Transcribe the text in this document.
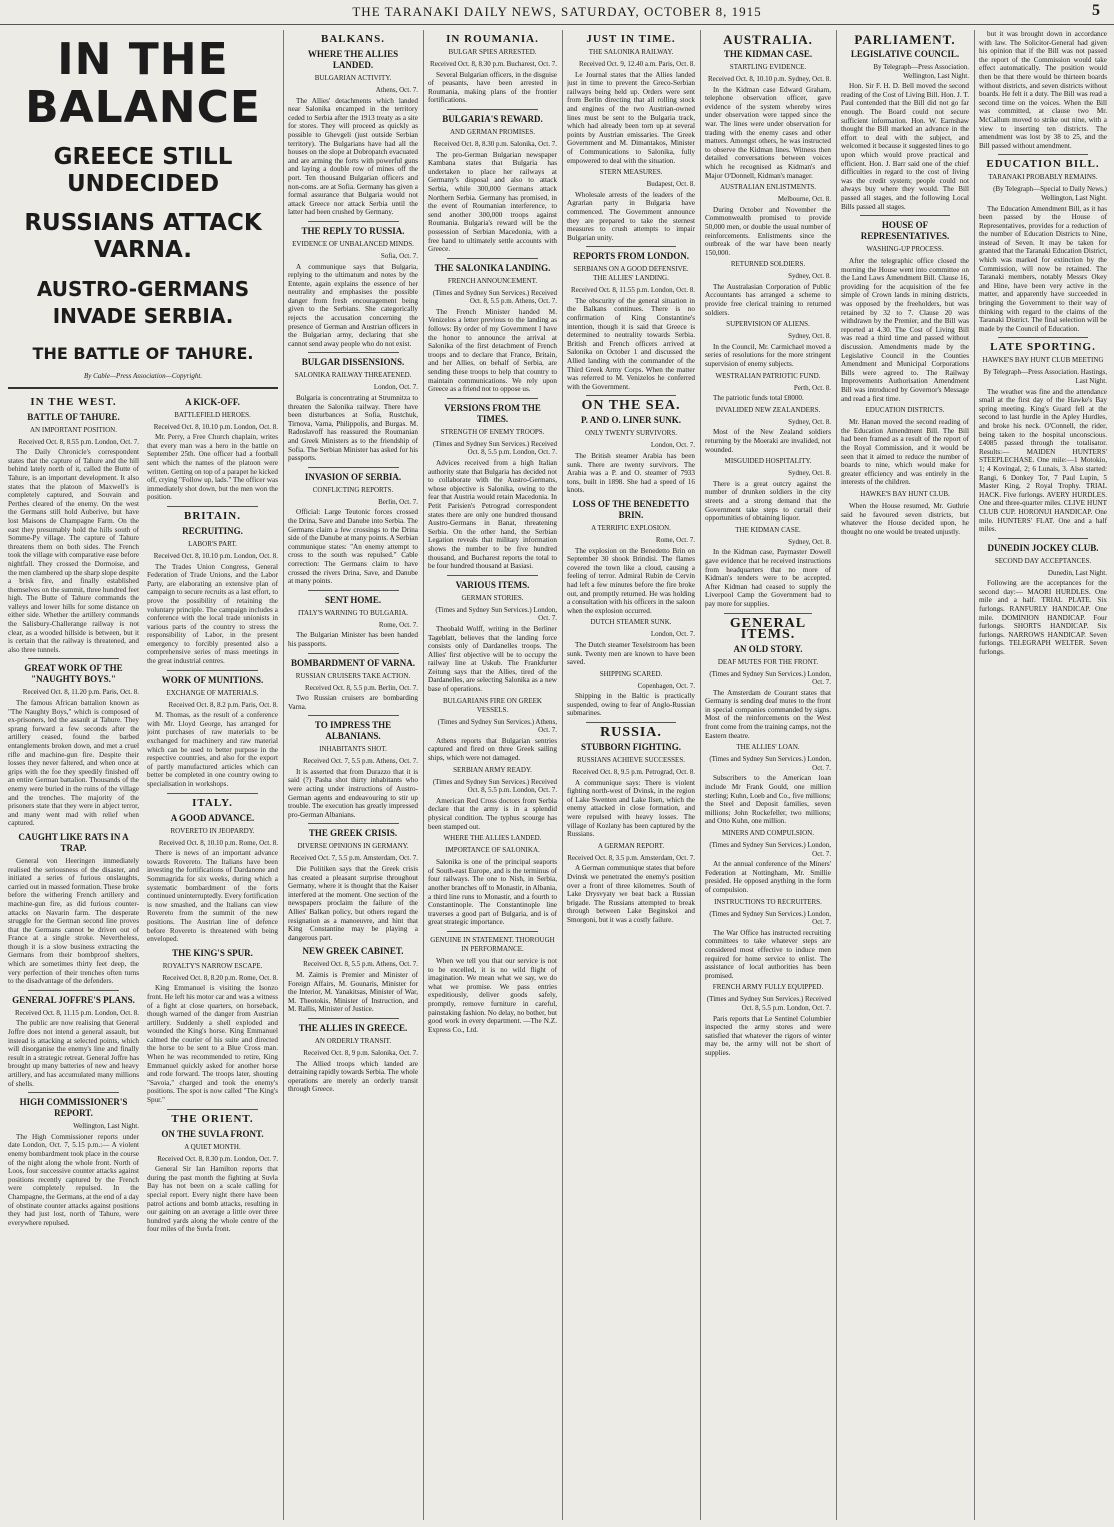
THE TARANAKI DAILY NEWS, SATURDAY, OCTOBER 8, 1915	5
IN THE BALANCE
GREECE STILL UNDECIDED
RUSSIANS ATTACK VARNA.
AUSTRO-GERMANS INVADE SERBIA.
THE BATTLE OF TAHURE.
By Cable—Press Association—Copyright.
IN THE WEST.
BATTLE OF TAHURE.
AN IMPORTANT POSITION.
Received Oct. 8, 8.55 p.m. London, Oct. 7.

The Daily Chronicle's correspondent states that the capture of Tahure and the hill behind lately north of it, called the Butte of Tahure, is an important development. It also states that the platoon of Maxwell's is completely captured, and Souvain and Perthes cleared of the enemy. On the west the Germans still hold Auberive, but have lost Maisons de Champagne Farm. On the east they presumably hold the hills south of Somme-Py village. The capture of Tahure threatens them on both sides. The French took the village with comparative ease before nightfall. They crossed the Dormoise, and the men clambered up the sharp slope despite a brisk fire, and finally established themselves on the summit, three hundred feet high. The Butte of Tahure commands the valleys and lower hills for some distance on either side. Whether the artillery commands the Salisbury-Challerange railway is not clear, as a wooded hillside is between, but it is certain that the railway is threatened, and also three tunnels.

GREAT WORK OF THE "NAUGHTY BOYS."
Received Oct. 8, 11.20 p.m. Paris, Oct. 8.

The famous African battalion known as "The Naughty Boys," which is composed of ex-prisoners, led the assault at Tahure. They sprang forward a few seconds after the artillery ceased, found the barbed entanglements broken down, and met a cruel rifle and machine-gun fire. Despite their losses they never faltered, and when once at grips with the foe they speedily finished off an entire German battalion. Thousands of the enemy were buried in the ruins of the village and the trenches. The majority of the prisoners state that they were in abject terror, and many went mad with relief when captured.

CAUGHT LIKE RATS IN A TRAP.

General von Heeringen immediately realised the seriousness of the disaster, and initiated a series of furious onslaughts, carried out in massed formation. These broke before the withering French artillery and machine-gun fire, as did furious counter-attacks on Navarin farm. The desperate struggle for the German second line proves that the Germans cannot be driven out of France at a single stroke. Nevertheless, though it is a slow business extracting the Germans from their bombproof shelters, which are sometimes thirty feet deep, the very perfection of their trenches often turns to the disadvantage of the defenders.

GENERAL JOFFRE'S PLANS.
Received Oct. 8, 11.15 p.m. London, Oct. 8.

The public are now realising that General Joffre does not intend a general assault, but instead is attacking at selected points, which will disorganise the enemy's line and finally result in a strategic retreat. General Joffre has brought up many batteries of new and heavy artillery, and has accumulated many millions of shells.

HIGH COMMISSIONER'S REPORT.
Wellington, Last Night.

The High Commissioner reports under date London, Oct. 7, 5.15 p.m.:— A violent enemy bombardment took place in the course of the night along the whole front. North of Loos, four successive counter attacks against positions recently captured by the French were completely repulsed. In the Champagne, the Germans, at the end of a day of obstinate counter attacks against positions they had just lost, north of Tahure, were everywhere repulsed.

A KICK-OFF.
BATTLEFIELD HEROES.
Received Oct. 8, 10.10 p.m. London, Oct. 8.

Mr. Perry, a Free Church chaplain, writes that every man was a hero in the battle on September 25th. One officer had a football sent which the names of the platoon were written. Getting on top of a parapet he kicked off, crying "Follow up, lads." The officer was immediately shot down, but the men won the position.

BRITAIN.
RECRUITING.
LABOR'S PART.
Received Oct. 8, 10.10 p.m. London, Oct. 8.

The Trades Union Congress, General Federation of Trade Unions, and the Labor Party, are elaborating an extensive plan of campaign to secure recruits as a last effort, to prove the possibility of retaining the voluntary principle. The campaign includes a conference with the local trade unionists in various parts of the country to stress the responsibility of Labor, in the present emergency to forcibly presented also a comprehensive series of mass meetings in the great industrial centres.

WORK OF MUNITIONS.
EXCHANGE OF MATERIALS.
Received Oct. 8, 8.2 p.m. Paris, Oct. 8.

M. Thomas, as the result of a conference with Mr. Lloyd George, has arranged for joint purchases of raw materials to be exchanged for machinery and raw material which can be used to better purpose in the respective countries, and also for the export of partly manufactured articles which can better be completed in one country owing to specialisation in workshops.

ITALY.
A GOOD ADVANCE.
ROVERETO IN JEOPARDY.
Received Oct. 8, 10.10 p.m. Rome, Oct. 8.

There is news of an important advance towards Rovereto. The Italians have been investing the fortifications of Dardanone and Sommagrida for six weeks, during which a systematic bombardment of the forts continued uninterruptedly. Every fortification is now smashed, and the Italians can view Rovereto from the summit of the new positions. The Austrian line of defence before Rovereto is threatened with being enveloped.

THE KING'S SPUR.
ROYALTY'S NARROW ESCAPE.
Received Oct. 8, 8.20 p.m. Rome, Oct. 8.

King Emmanuel is visiting the Isonzo front. He left his motor car and was a witness of a fight at close quarters, on horseback, though warned of the danger from Austrian artillery. Suddenly a shell exploded and wounded the King's horse. King Emmanuel calmed the courier of his suite and directed the horse to be sent to a Blue Cross man. When he was recommended to retire, King Emmanuel quickly asked for another horse and rode forward. The troops later, shouting "Savoia," charged and took the enemy's positions. The spot is now called "The King's Spur."

THE ORIENT.
ON THE SUVLA FRONT.
A QUIET MONTH.
Received Oct. 8, 8.30 p.m. London, Oct. 7.

General Sir Ian Hamilton reports that during the past month the fighting at Suvla Bay has not been on a scale calling for special report. Every night there have been patrol actions and bomb attacks, resulting in our gaining on an average a little over three hundred yards along the whole centre of the four miles of the Suvla front.

BALKANS.
WHERE THE ALLIES LANDED.
BULGARIAN ACTIVITY.
Athens, Oct. 7.

The Allies' detachments which landed near Salonika encamped in the territory ceded to Serbia after the 1913 treaty as a site for stores. They will proceed as quickly as possible to Ghevgeli (just outside Serbian territory). The Bulgarians have had all the houses on the slope at Dobropatch evacuated and are arming the forts with powerful guns and laying a double row of mines off the port. Ten thousand Bulgarian officers and non-coms. are at Sofia. Germany has given a formal assurance that Bulgaria would not attack Greece nor attack Serbia until the latter had been crushed by Germany.

THE REPLY TO RUSSIA.
EVIDENCE OF UNBALANCED MINDS.
Sofia, Oct. 7.

A communique says that Bulgaria, replying to the ultimatum and notes by the Entente, again explains the essence of her neutrality and emphasises the possible danger from fresh encouragement being given to the Serbians. She categorically rejects the accusation concerning the presence of German and Austrian officers in the Bulgarian army, declaring that she cannot send away people who do not exist.

BULGAR DISSENSIONS.
SALONIKA RAILWAY THREATENED.
London, Oct. 7.

Bulgaria is concentrating at Strumnitza to threaten the Salonika railway. There have been disturbances at Sofia, Rustchuk, Tirnova, Varna, Philippolis, and Burgas. M. Radoslavoff has reassured the Roumanian and Greek Ministers as to the friendship of Sofia. The Serbian Minister has asked for his passports.

INVASION OF SERBIA.
CONFLICTING REPORTS.
Berlin, Oct. 7.

Official: Large Teutonic forces crossed the Drina, Save and Danube into Serbia. The Germans claim a few crossings to the Drina side of the Danube at many points. A Serbian communique states: "An enemy attempt to cross to the south was repulsed." Cable correction: The Germans claim to have crossed the rivers Drina, Save, and Danube at many points.

SENT HOME.
ITALY'S WARNING TO BULGARIA.
Rome, Oct. 7.

The Bulgarian Minister has been handed his passports.

BOMBARDMENT OF VARNA.
RUSSIAN CRUISERS TAKE ACTION.
Received Oct. 8, 5.5 p.m. Berlin, Oct. 7.

Two Russian cruisers are bombarding Varna.

TO IMPRESS THE ALBANIANS.
INHABITANTS SHOT.
Received Oct. 7, 5.5 p.m. Athens, Oct. 7.

It is asserted that from Durazzo that it is said (?) Pasha shot thirty inhabitants who were acting under instructions of Austro-German agents and endeavouring to stir up trouble. The execution has greatly impressed pro-German Albanians.

THE GREEK CRISIS.
DIVERSE OPINIONS IN GERMANY.
Received Oct. 7, 5.5 p.m. Amsterdam, Oct. 7.

Die Politiken says that the Greek crisis has created a pleasant surprise throughout Germany, where it is thought that the Kaiser interfered at the moment. One section of the newspapers proclaim the failure of the Allies' Balkan policy, but others regard the resignation as a manoeuvre, and hint that King Constantine may be playing a dangerous part.

NEW GREEK CABINET.
Received Oct. 8, 5.5 p.m. Athens, Oct. 7.

M. Zaimis is Premier and Minister of Foreign Affairs, M. Gounaris, Minister for the Interior, M. Yanakitsas, Minister of War, M. Theotokis, Minister of Instruction, and M. Rallis, Minister of Justice.

THE ALLIES IN GREECE.
AN ORDERLY TRANSIT.
Received Oct. 8, 9 p.m. Salonika, Oct. 7.

The Allied troops which landed are detraining rapidly towards Serbia. The whole operations are merely an orderly transit through Greece.

IN ROUMANIA.
BULGAR SPIES ARRESTED.
Received Oct. 8, 8.30 p.m. Bucharest, Oct. 7.

Several Bulgarian officers, in the disguise of peasants, have been arrested in Roumania, making plans of the frontier fortifications.

BULGARIA'S REWARD.
AND GERMAN PROMISES.
Received Oct. 8, 8.30 p.m. Salonika, Oct. 7.

The pro-German Bulgarian newspaper Kambana states that Bulgaria has undertaken to place her railways at Germany's disposal and also to attack Serbia, while 300,000 Germans attack Northern Serbia. Germany has promised, in the event of Roumanian interference, to send another 300,000 troops against Roumania. Bulgaria's reward will be the possession of Serbian Macedonia, with a free hand to ultimately settle accounts with Greece.

THE SALONIKA LANDING.
FRENCH ANNOUNCEMENT.
(Times and Sydney Sun Services.) Received Oct. 8, 5.5 p.m. Athens, Oct. 7.

The French Minister handed M. Venizelos a letter previous to the landing as follows: By order of my Government I have the honor to announce the arrival at Salonika of the first detachment of French troops and to declare that France, Britain, and her Allies, on behalf of Serbia, are sending these troops to help that country to maintain communications. We rely upon Greece as a friend not to oppose us.

VERSIONS FROM THE TIMES.
STRENGTH OF ENEMY TROOPS.
(Times and Sydney Sun Services.) Received Oct. 8, 5.5 p.m. London, Oct. 7.

Advices received from a high Italian authority state that Bulgaria has decided not to collaborate with the Austro-Germans, whose objective is Salonika, owing to the fear that Austria would retain Macedonia. In Petit Parisien's Petrograd correspondent states there are only one hundred thousand Austro-Germans in Banat, threatening Serbia. On the other hand, the Serbian Legation reveals that military information shows the number to be five hundred thousand, and Bucharest reports the total to be four hundred thousand at Basiasi.

VARIOUS ITEMS.
GERMAN STORIES.
(Times and Sydney Sun Services.) London, Oct. 7.

Theobald Wolff, writing in the Berliner Tageblatt, believes that the landing force consists only of Dardanelles troops. The Allies' first objective will be to occupy the railway line at Uskub. The Frankfurter Zeitung says that the Allies, tired of the Dardanelles, are selecting Salonika as a new base of operations.

BULGARIANS FIRE ON GREEK VESSELS.
(Times and Sydney Sun Services.) Athens, Oct. 7.

Athens reports that Bulgarian sentries captured and fired on three Greek sailing ships, which were not damaged.

SERBIAN ARMY READY.
(Times and Sydney Sun Services.) Received Oct. 8, 5.5 p.m. London, Oct. 7.

American Red Cross doctors from Serbia declare that the army is in a splendid physical condition. The typhus scourge has been stamped out.

WHERE THE ALLIES LANDED.
IMPORTANCE OF SALONIKA.

Salonika is one of the principal seaports of South-east Europe, and is the terminus of four railways. The one to Nish, in Serbia, another branches off to Monastir, in Albania, a third line runs to Monastir, and a fourth to Constantinople. The Constantinople line traverses a good part of Bulgaria, and is of great strategic importance.

GENUINE IN STATEMENT. THOROUGH IN PERFORMANCE.

When we tell you that our service is not to be excelled, it is no wild flight of imagination. We mean what we say, we do what we promise. We pass entries expeditiously, deliver goods safely, promptly, remove furniture in careful, painstaking fashion. No delay, no bother, but good work in every department. —The N.Z. Express Co., Ltd.

JUST IN TIME.
THE SALONIKA RAILWAY.
Received Oct. 9, 12.40 a.m. Paris, Oct. 8.

Le Journal states that the Allies landed just in time to prevent the Greco-Serbian railways being held up. Orders were sent from Berlin directing that all rolling stock and engines of the two Austrian-owned lines must be sent to the Bulgaria track, which had already been torn up at several points by Austrian emissaries. The Greek Government and M. Dimantakos, Minister of Communications to Salonika, fully empowered to deal with the situation.

STERN MEASURES.
Budapest, Oct. 8.

Wholesale arrests of the leaders of the Agrarian party in Bulgaria have commenced. The Government announce they are prepared to take the sternest measures to crush attempts to impair Bulgarian unity.

REPORTS FROM LONDON.
SERBIANS ON A GOOD DEFENSIVE. THE ALLIES' LANDING.
Received Oct. 8, 11.55 p.m. London, Oct. 8.

The obscurity of the general situation in the Balkans continues. There is no confirmation of King Constantine's intention, though it is said that Greece is determined to neutrality towards Serbia. British and French officers arrived at Salonika on October 1 and discussed the Allied landing with the commander of the Third Greek Army Corps. When the matter was referred to M. Venizelos he conferred with the Government.

ON THE SEA.
P. AND O. LINER SUNK.
ONLY TWENTY SURVIVORS.
London, Oct. 7.

The British steamer Arabia has been sunk. There are twenty survivors. The Arabia was a P. and O. steamer of 7933 tons, built in 1898. She had a speed of 16 knots.

LOSS OF THE BENEDETTO BRIN.
A TERRIFIC EXPLOSION.
Rome, Oct. 7.

The explosion on the Benedetto Brin on September 30 shook Brindisi. The flames covered the town like a cloud, causing a feeling of terror. Admiral Rubin de Cervin had left a few minutes before the fire broke out, and promptly returned. He was holding a consultation with his officers in the saloon when the explosion occurred.

DUTCH STEAMER SUNK.
London, Oct. 7.

The Dutch steamer Texelstroom has been sunk. Twenty men are known to have been saved.

SHIPPING SCARED.
Copenhagen, Oct. 7.

Shipping in the Baltic is practically suspended, owing to fear of Anglo-Russian submarines.

RUSSIA.
STUBBORN FIGHTING.
RUSSIANS ACHIEVE SUCCESSES.
Received Oct. 8, 9.5 p.m. Petrograd, Oct. 8.

A communique says: There is violent fighting north-west of Dvinsk, in the region of Lake Swenten and Lake Ilsen, which the enemy attacked in close formation, and were repulsed with heavy losses. The village of Kozlany has been captured by the Russians.

A GERMAN REPORT.
Received Oct. 8, 3.5 p.m. Amsterdam, Oct. 7.

A German communique states that before Dvinsk we penetrated the enemy's position over a front of three kilometres. South of Lake Drysvyaty we beat back a Russian brigade. The Russians attempted to break through between Lake Beginskoi and Smorgoni, but it was a costly failure.

AUSTRALIA.
THE KIDMAN CASE.
STARTLING EVIDENCE.
Received Oct. 8, 10.10 p.m. Sydney, Oct. 8.

In the Kidman case Edward Graham, telephone observation officer, gave evidence of the system whereby wires under observation were tapped since the war. The lines were under observation for trading with the enemy cases and other matters. Amongst others, he was instructed to observe the Kidman lines. Witness then detailed conversations between voices which he recognised as Kidman's and Major O'Donnell, Kidman's manager.

AUSTRALIAN ENLISTMENTS.
Melbourne, Oct. 8.

During October and November the Commonwealth promised to provide 50,000 men, or double the usual number of reinforcements. Enlistments since the outbreak of the war have been nearly 150,000.

RETURNED SOLDIERS.
Sydney, Oct. 8.

The Australasian Corporation of Public Accountants has arranged a scheme to provide free clerical training to returned soldiers.

SUPERVISION OF ALIENS.
Sydney, Oct. 8.

In the Council, Mr. Carmichael moved a series of resolutions for the more stringent supervision of enemy subjects.

WESTRALIAN PATRIOTIC FUND.
Perth, Oct. 8.

The patriotic funds total £8000.

INVALIDED NEW ZEALANDERS.
Sydney, Oct. 8.

Most of the New Zealand soldiers returning by the Moeraki are invalided, not wounded.

MISGUIDED HOSPITALITY.
Sydney, Oct. 8.

There is a great outcry against the number of drunken soldiers in the city streets and a strong demand that the Government take steps to curtail their opportunities of obtaining liquor.

THE KIDMAN CASE.
Sydney, Oct. 8.

In the Kidman case, Paymaster Dowell gave evidence that he received instructions from headquarters that no more of Kidman's tenders were to be accepted. After Kidman had ceased to supply the Liverpool Camp the Government had to pay more for supplies.

GENERAL ITEMS.
AN OLD STORY.
DEAF MUTES FOR THE FRONT.
(Times and Sydney Sun Services.) London, Oct. 7.

The Amsterdam de Courant states that Germany is sending deaf mutes to the front in special companies commanded by signs. Most of the reinforcements on the West front come from the training camps, not the Eastern theatre.

THE ALLIES' LOAN.
(Times and Sydney Sun Services.) London, Oct. 7.

Subscribers to the American loan include Mr Frank Gould, one million sterling; Kuhn, Loeb and Co., five millions; the Steel and Deposit families, seven millions; John Rockefeller, two millions; and Otto Kuhn, one million.

MINERS AND COMPULSION.
(Times and Sydney Sun Services.) London, Oct. 7.

At the annual conference of the Miners' Federation at Nottingham, Mr. Smillie presided. He opposed anything in the form of compulsion.

INSTRUCTIONS TO RECRUITERS.
(Times and Sydney Sun Services.) London, Oct. 7.

The War Office has instructed recruiting committees to take whatever steps are considered most effective to induce men required for home service to enlist. The assistance of local authorities has been promised.

FRENCH ARMY FULLY EQUIPPED.
(Times and Sydney Sun Services.) Received Oct. 8, 5.5 p.m. London, Oct. 7.

Paris reports that Le Sentinel Columbier inspected the army stores and were satisfied that whatever the rigors of winter may be, the army will not be short of supplies.

PARLIAMENT.
LEGISLATIVE COUNCIL.
By Telegraph—Press Association. Wellington, Last Night.

Hon. Sir F. H. D. Bell moved the second reading of the Cost of Living Bill. Hon. J. T. Paul contended that the Bill did not go far enough. The Board could not secure sufficient information. Hon. W. Earnshaw thought the Bill marked an advance in the effort to deal with the subject, and welcomed it because it suggested lines to go upon which would prove practical and efficient. Hon. J. Barr said one of the chief difficulties in regard to the cost of living was the credit system; people could not always buy where they would. The Bill passed all stages, and the following Local Bills passed all stages.

HOUSE OF REPRESENTATIVES.
WASHING-UP PROCESS.

After the telegraphic office closed the morning the House went into committee on the Land Laws Amendment Bill. Clause 16, providing for the acquisition of the fee simple of Crown lands in mining districts, was opposed by the freeholders, but was retained by 32 to 7. Clause 20 was withdrawn by the Premier, and the Bill was reported at 4.30. The Cost of Living Bill was read a third time and passed without discussion. Amendments made by the Legislative Council in the Counties Amendment and Municipal Corporations Bills were agreed to. The Railway Improvements Authorisation Amendment Bill was introduced by Governor's Message and read a first time.

EDUCATION DISTRICTS.

Mr. Hanan moved the second reading of the Education Amendment Bill. The Bill had been framed as a result of the report of the Royal Commission, and it would be seen that it aimed to reduce the number of boards to nine, which would make for greater efficiency and was entirely in the interests of the children.

HAWKE'S BAY HUNT CLUB.

When the House resumed, Mr. Guthrie said he favoured seven districts, but whatever the House decided upon, he thought no one would be treated unjustly.

but it was brought down in accordance with law. The Solicitor-General had given his opinion that if the Bill was not passed the report of the Commission would take effect automatically. The position would then be that there would be thirteen boards without districts, and seven districts without boards. He felt it a duty. The Bill was read a second time on the voices. When the Bill was committed, at clause two Mr. McCallum moved to strike out nine, with a view to inserting ten districts. The amendment was lost by 38 to 25, and the Bill passed without amendment.

EDUCATION BILL.
TARANAKI PROBABLY REMAINS.
(By Telegraph—Special to Daily News.) Wellington, Last Night.

The Education Amendment Bill, as it has been passed by the House of Representatives, provides for a reduction of the number of Education Districts to Nine, instead of Seven. It may be taken for granted that the Taranaki Education District, which was marked for extinction by the Commission, will now be retained. The Taranaki members, notably Messrs Okey and Hine, have been very active in the matter, and apparently have succeeded in bringing the Government to their way of thinking with regard to the claims of the Taranaki District. The final selection will be made by the Council of Education.

LATE SPORTING.
HAWKE'S BAY HUNT CLUB MEETING
By Telegraph—Press Association. Hastings, Last Night.

The weather was fine and the attendance small at the first day of the Hawke's Bay spring meeting. King's Guard fell at the second to last hurdle in the Apley Hurdles, and broke his neck. O'Connell, the rider, being taken to the hospital unconscious. £4085 passed through the totalisator. Results:— MAIDEN HUNTERS' STEEPLECHASE. One mile:—1 Motokio, 1; 4 Kovingal, 2; 6 Lunais, 3. Also started: Rangi, 6 Donkey Tor, 7 Paul Lupin, 5 Master King, 2 Royal Trophy. TRIAL HACK. Five furlongs. AVERY HURDLES. One and three-quarter miles. CLIVE HUNT CLUB CUP. HORONUI HANDICAP. One mile. HUNTERS' FLAT. One and a half miles.

DUNEDIN JOCKEY CLUB.
SECOND DAY ACCEPTANCES.
Dunedin, Last Night.

Following are the acceptances for the second day:— MAORI HURDLES. One mile and a half. TRIAL PLATE. Six furlongs. RANFURLY HANDICAP. One mile. DOMINION HANDICAP. Four furlongs. SHORTS HANDICAP. Six furlongs. NARROWS HANDICAP. Seven furlongs. TELEGRAPH WELTER. Seven furlongs.
